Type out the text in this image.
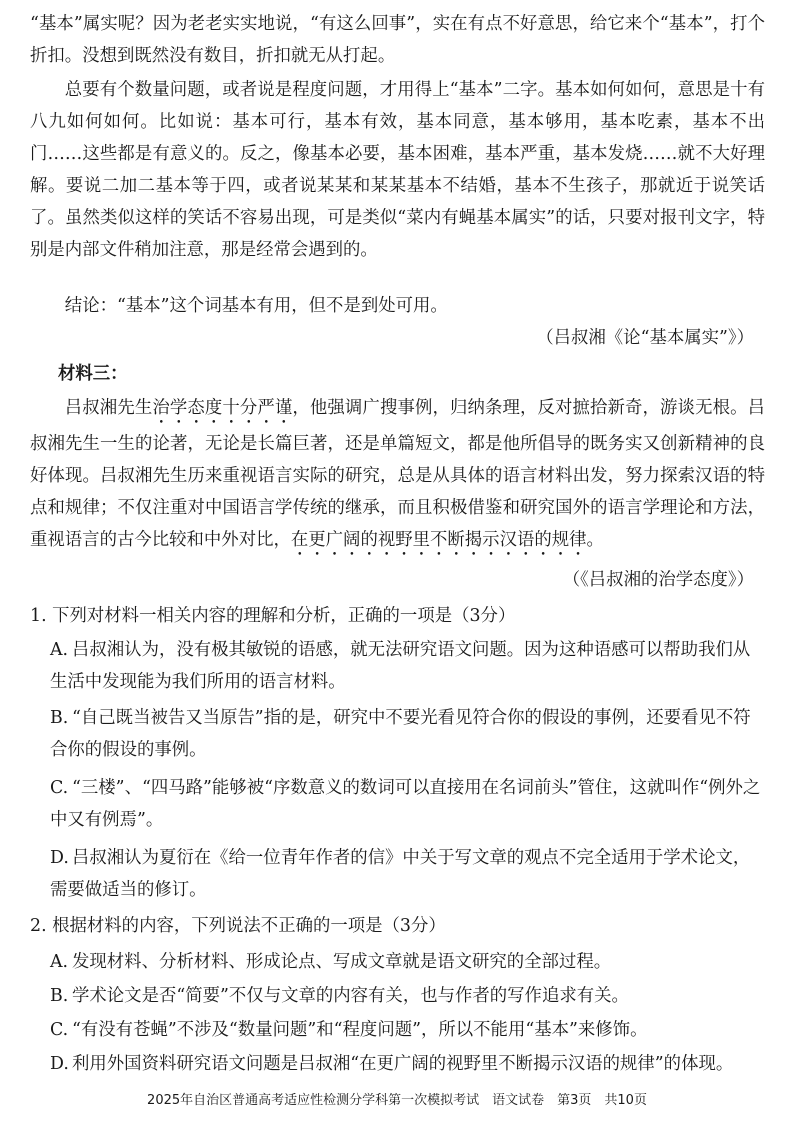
“基本”属实呢？因为老老实实地说，“有这么回事”，实在有点不好意思，给它来个“基本”，打个折扣。没想到既然没有数目，折扣就无从打起。
总要有个数量问题，或者说是程度问题，才用得上“基本”二字。基本如何如何，意思是十有八九如何如何。比如说：基本可行，基本有效，基本同意，基本够用，基本吃素，基本不出门……这些都是有意义的。反之，像基本必要，基本困难，基本严重，基本发烧……就不大好理解。要说二加二基本等于四，或者说某某和某某基本不结婚，基本不生孩子，那就近于说笑话了。虽然类似这样的笑话不容易出现，可是类似“菜内有蝇基本属实”的话，只要对报刊文字，特别是内部文件稍加注意，那是经常会遇到的。
结论：“基本”这个词基本有用，但不是到处可用。
（吕叔湘《论“基本属实”》）
材料三：
吕叔湘先生治学态度十分严谨，他强调广搜事例，归纳条理，反对摭拾新奇，游谈无根。吕叔湘先生一生的论著，无论是长篇巨著，还是单篇短文，都是他所倡导的既务实又创新精神的良好体现。吕叔湘先生历来重视语言实际的研究，总是从具体的语言材料出发，努力探索汉语的特点和规律；不仅注重对中国语言学传统的继承，而且积极借鉴和研究国外的语言学理论和方法，重视语言的古今比较和中外对比，在更广阔的视野里不断揭示汉语的规律。
（《吕叔湘的治学态度》）
1. 下列对材料一相关内容的理解和分析，正确的一项是（3分）
A. 吕叔湘认为，没有极其敏锐的语感，就无法研究语文问题。因为这种语感可以帮助我们从生活中发现能为我们所用的语言材料。
B. “自己既当被告又当原告”指的是，研究中不要光看见符合你的假设的事例，还要看见不符合你的假设的事例。
C. “三楼”、“四马路”能够被“序数意义的数词可以直接用在名词前头”管住，这就叫作“例外之中又有例焉”。
D. 吕叔湘认为夏衍在《给一位青年作者的信》中关于写文章的观点不完全适用于学术论文，需要做适当的修订。
2. 根据材料的内容，下列说法不正确的一项是（3分）
A. 发现材料、分析材料、形成论点、写成文章就是语文研究的全部过程。
B. 学术论文是否“简要”不仅与文章的内容有关，也与作者的写作追求有关。
C. “有没有苍蝇”不涉及“数量问题”和“程度问题”，所以不能用“基本”来修饰。
D. 利用外国资料研究语文问题是吕叔湘“在更广阔的视野里不断揭示汉语的规律”的体现。
2025年自治区普通高考适应性检测分学科第一次模拟考试　语文试卷　第3页　共10页
